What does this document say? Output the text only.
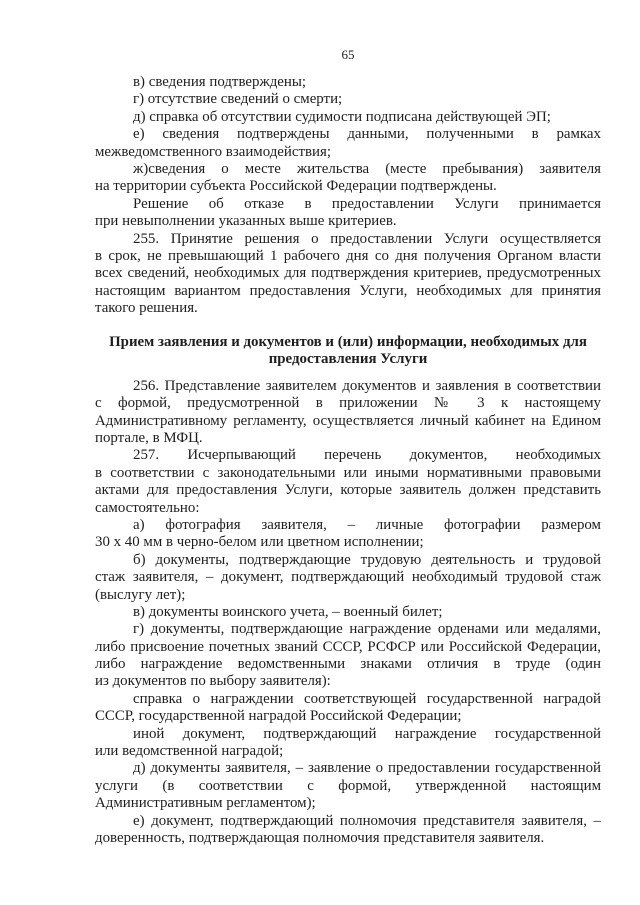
65
в) сведения подтверждены;
г) отсутствие сведений о смерти;
д) справка об отсутствии судимости подписана действующей ЭП;
е) сведения подтверждены данными, полученными в рамках
межведомственного взаимодействия;
ж)сведения о месте жительства (месте пребывания) заявителя
на территории субъекта Российской Федерации подтверждены.
Решение об отказе в предоставлении Услуги принимается
при невыполнении указанных выше критериев.
255. Принятие решения о предоставлении Услуги осуществляется
в срок, не превышающий 1 рабочего дня со дня получения Органом власти
всех сведений, необходимых для подтверждения критериев, предусмотренных
настоящим вариантом предоставления Услуги, необходимых для принятия
такого решения.
Прием заявления и документов и (или) информации, необходимых для
предоставления Услуги
256. Представление заявителем документов и заявления в соответствии
с формой, предусмотренной в приложении № 3 к настоящему
Административному регламенту, осуществляется личный кабинет на Едином
портале, в МФЦ.
257. Исчерпывающий перечень документов, необходимых
в соответствии с законодательными или иными нормативными правовыми
актами для предоставления Услуги, которые заявитель должен представить
самостоятельно:
а) фотография заявителя, – личные фотографии размером
30 x 40 мм в черно-белом или цветном исполнении;
б) документы, подтверждающие трудовую деятельность и трудовой
стаж заявителя, – документ, подтверждающий необходимый трудовой стаж
(выслугу лет);
в) документы воинского учета, – военный билет;
г) документы, подтверждающие награждение орденами или медалями,
либо присвоение почетных званий СССР, РСФСР или Российской Федерации,
либо награждение ведомственными знаками отличия в труде (один
из документов по выбору заявителя):
справка о награждении соответствующей государственной наградой
СССР, государственной наградой Российской Федерации;
иной документ, подтверждающий награждение государственной
или ведомственной наградой;
д) документы заявителя, – заявление о предоставлении государственной
услуги (в соответствии с формой, утвержденной настоящим
Административным регламентом);
е) документ, подтверждающий полномочия представителя заявителя, –
доверенность, подтверждающая полномочия представителя заявителя.
